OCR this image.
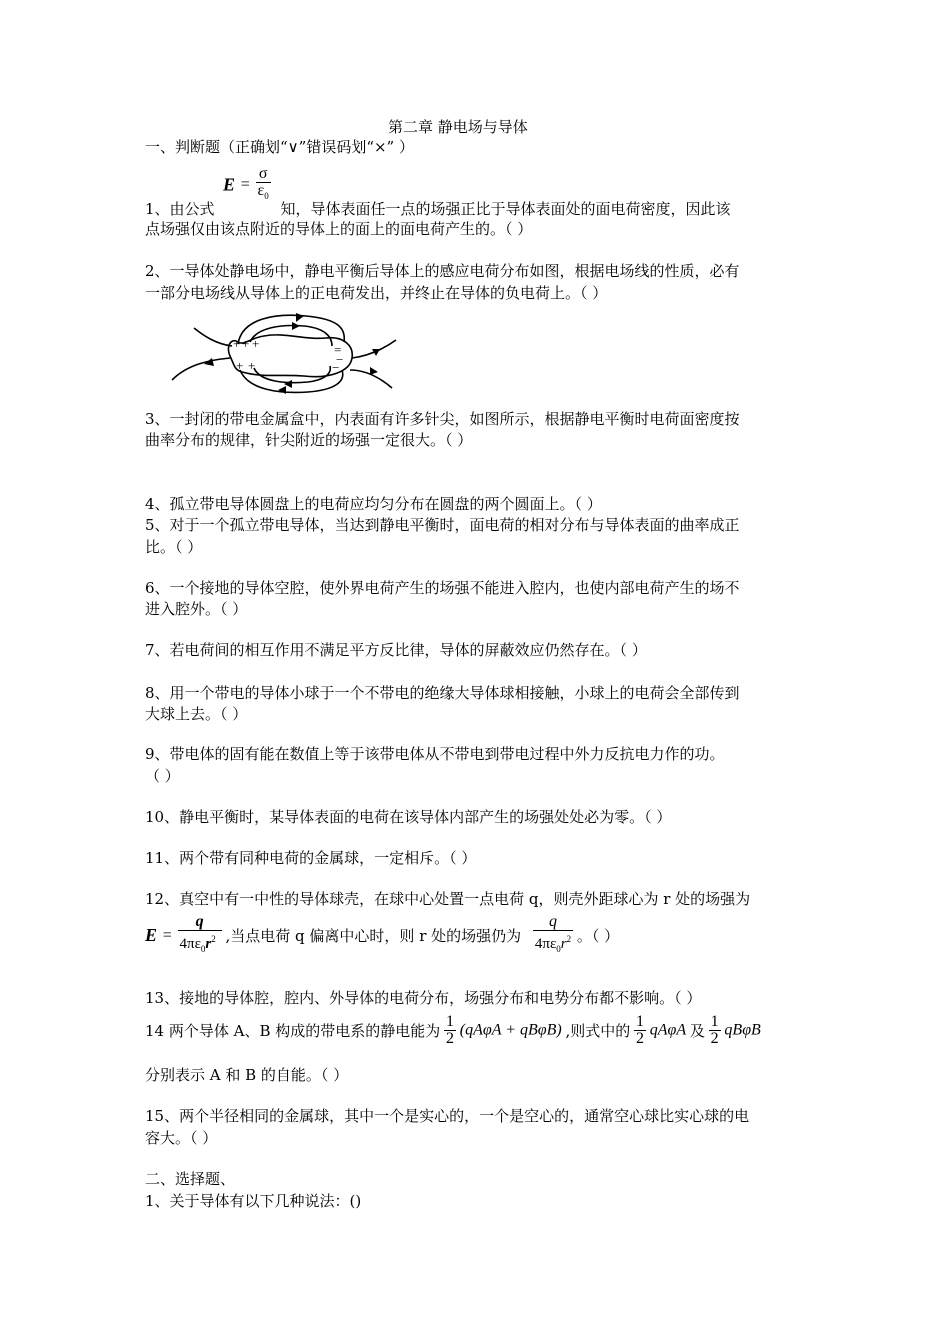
第二章 静电场与导体
一、判断题（正确划“∨”错误码划“×” ）
$E = \frac{\sigma}{\varepsilon_0}$
1、由公式	知，导体表面任一点的场强正比于导体表面处的面电荷密度，因此该
点场强仅由该点附近的导体上的面上的面电荷产生的。（ ）
2、一导体处静电场中，静电平衡后导体上的感应电荷分布如图，根据电场线的性质，必有
一部分电场线从导体上的正电荷发出，并终止在导体的负电荷上。（ ）
+ + +
+ +
=
−
−
3、一封闭的带电金属盒中，内表面有许多针尖，如图所示，根据静电平衡时电荷面密度按
曲率分布的规律，针尖附近的场强一定很大。（ ）
4、孤立带电导体圆盘上的电荷应均匀分布在圆盘的两个圆面上。（ ）
5、对于一个孤立带电导体，当达到静电平衡时，面电荷的相对分布与导体表面的曲率成正
比。（ ）
6、一个接地的导体空腔，使外界电荷产生的场强不能进入腔内，也使内部电荷产生的场不
进入腔外。（ ）
7、若电荷间的相互作用不满足平方反比律，导体的屏蔽效应仍然存在。（ ）
8、用一个带电的导体小球于一个不带电的绝缘大导体球相接触，小球上的电荷会全部传到
大球上去。（ ）
9、带电体的固有能在数值上等于该带电体从不带电到带电过程中外力反抗电力作的功。
（ ）
10、静电平衡时，某导体表面的电荷在该导体内部产生的场强处处必为零。（ ）
11、两个带有同种电荷的金属球，一定相斥。（ ）
12、真空中有一中性的导体球壳，在球中心处置一点电荷 q，则壳外距球心为 r 处的场强为
$E = \frac{q}{4\pi\varepsilon_0r^2}$ ,当点电荷 q 偏离中心时，则 r 处的场强仍为 $\frac{q}{4\pi\varepsilon_0r^2}$ 。（ ）
13、接地的导体腔，腔内、外导体的电荷分布，场强分布和电势分布都不影响。（ ）
14 两个导体 A、B 构成的带电系的静电能为 $\frac{1}{2} (qA\varphi A + qB\varphi B)$ ,则式中的 $\frac{1}{2}$ qAφA 及 $\frac{1}{2}$ qBφB
分别表示 A 和 B 的自能。（ ）
15、两个半径相同的金属球，其中一个是实心的，一个是空心的，通常空心球比实心球的电
容大。（ ）
二、选择题、
1、关于导体有以下几种说法：()
